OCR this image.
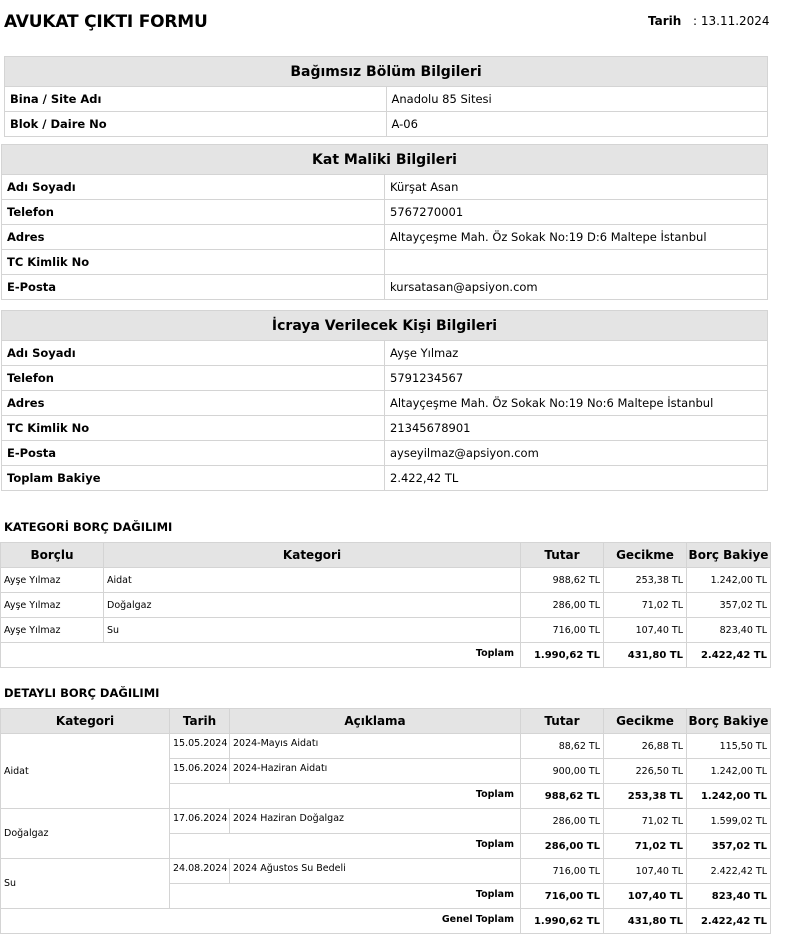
AVUKAT ÇIKTI FORMU	Tarih : 13.11.2024
Bağımsız Bölüm Bilgileri	
Bina / Site Adı	Anadolu 85 Sitesi
Blok / Daire No	A-06
Kat Maliki Bilgileri	
Adı Soyadı	Kürşat Asan
Telefon	5767270001
Adres	Altayçeşme Mah. Öz Sokak No:19 D:6 Maltepe İstanbul
TC Kimlik No	
E-Posta	kursatasan@apsiyon.com
İcraya Verilecek Kişi Bilgileri	
Adı Soyadı	Ayşe Yılmaz
Telefon	5791234567
Adres	Altayçeşme Mah. Öz Sokak No:19 No:6 Maltepe İstanbul
TC Kimlik No	21345678901
E-Posta	ayseyilmaz@apsiyon.com
Toplam Bakiye	2.422,42 TL
KATEGORİ BORÇ DAĞILIMI
Borçlu	Kategori	Tutar	Gecikme	Borç Bakiye
Ayşe Yılmaz	Aidat	988,62 TL	253,38 TL	1.242,00 TL
Ayşe Yılmaz	Doğalgaz	286,00 TL	71,02 TL	357,02 TL
Ayşe Yılmaz	Su	716,00 TL	107,40 TL	823,40 TL
Toplam		1.990,62 TL	431,80 TL	2.422,42 TL
DETAYLI BORÇ DAĞILIMI
Kategori	Tarih	Açıklama	Tutar	Gecikme	Borç Bakiye
Aidat	15.05.2024	2024-Mayıs Aidatı	88,62 TL	26,88 TL	115,50 TL
	15.06.2024	2024-Haziran Aidatı	900,00 TL	226,50 TL	1.242,00 TL
	Toplam		988,62 TL	253,38 TL	1.242,00 TL
Doğalgaz	17.06.2024	2024 Haziran Doğalgaz	286,00 TL	71,02 TL	1.599,02 TL
	Toplam		286,00 TL	71,02 TL	357,02 TL
Su	24.08.2024	2024 Ağustos Su Bedeli	716,00 TL	107,40 TL	2.422,42 TL
	Toplam		716,00 TL	107,40 TL	823,40 TL
Genel Toplam			1.990,62 TL	431,80 TL	2.422,42 TL
